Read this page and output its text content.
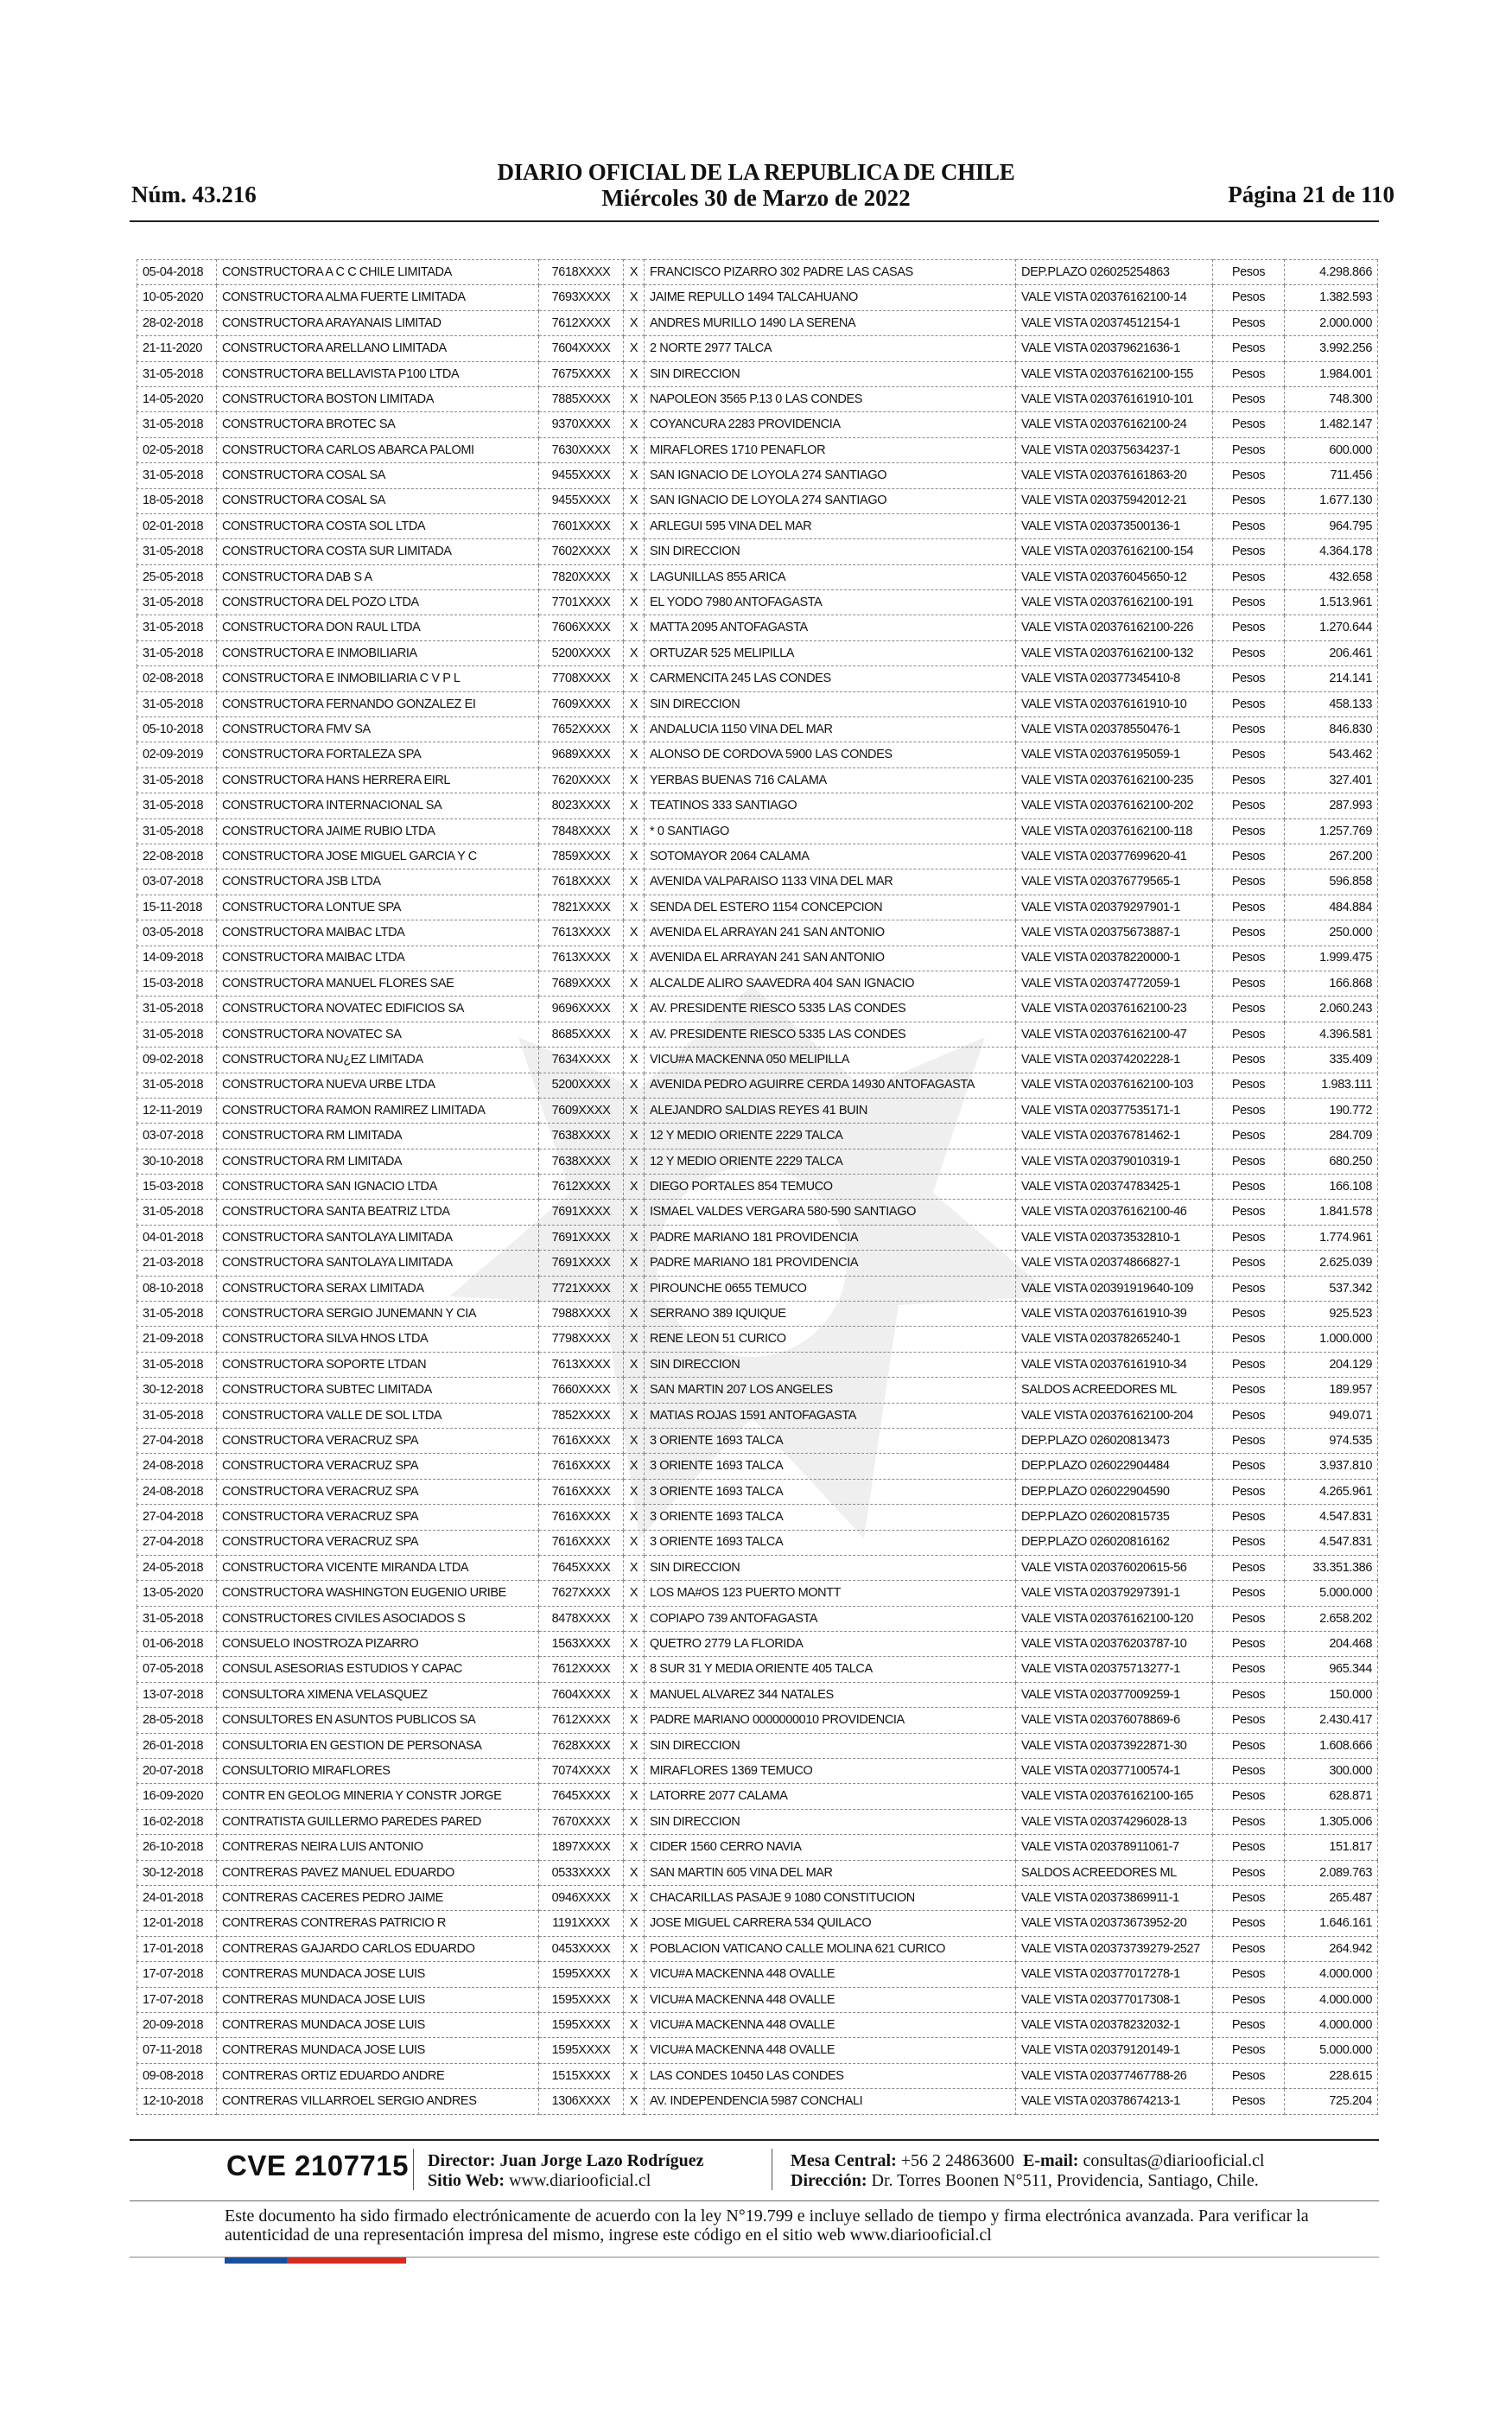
Núm. 43.216
DIARIO OFICIAL DE LA REPUBLICA DE CHILE
Miércoles 30 de Marzo de 2022	Página 21 de 110
05-04-2018	CONSTRUCTORA A C C CHILE LIMITADA	7618XXXX	X	FRANCISCO PIZARRO 302 PADRE LAS CASAS	DEP.PLAZO 026025254863	Pesos	4.298.866
10-05-2020	CONSTRUCTORA ALMA FUERTE LIMITADA	7693XXXX	X	JAIME REPULLO 1494 TALCAHUANO	VALE VISTA 020376162100-14	Pesos	1.382.593
28-02-2018	CONSTRUCTORA ARAYANAIS LIMITAD	7612XXXX	X	ANDRES MURILLO 1490 LA SERENA	VALE VISTA 020374512154-1	Pesos	2.000.000
21-11-2020	CONSTRUCTORA ARELLANO LIMITADA	7604XXXX	X	2 NORTE 2977 TALCA	VALE VISTA 020379621636-1	Pesos	3.992.256
31-05-2018	CONSTRUCTORA BELLAVISTA P100 LTDA	7675XXXX	X	SIN DIRECCION	VALE VISTA 020376162100-155	Pesos	1.984.001
14-05-2020	CONSTRUCTORA BOSTON LIMITADA	7885XXXX	X	NAPOLEON 3565 P.13 0 LAS CONDES	VALE VISTA 020376161910-101	Pesos	748.300
31-05-2018	CONSTRUCTORA BROTEC SA	9370XXXX	X	COYANCURA 2283 PROVIDENCIA	VALE VISTA 020376162100-24	Pesos	1.482.147
02-05-2018	CONSTRUCTORA CARLOS ABARCA PALOMI	7630XXXX	X	MIRAFLORES 1710 PENAFLOR	VALE VISTA 020375634237-1	Pesos	600.000
31-05-2018	CONSTRUCTORA COSAL SA	9455XXXX	X	SAN IGNACIO DE LOYOLA 274 SANTIAGO	VALE VISTA 020376161863-20	Pesos	711.456
18-05-2018	CONSTRUCTORA COSAL SA	9455XXXX	X	SAN IGNACIO DE LOYOLA 274 SANTIAGO	VALE VISTA 020375942012-21	Pesos	1.677.130
02-01-2018	CONSTRUCTORA COSTA SOL LTDA	7601XXXX	X	ARLEGUI 595 VINA DEL MAR	VALE VISTA 020373500136-1	Pesos	964.795
31-05-2018	CONSTRUCTORA COSTA SUR LIMITADA	7602XXXX	X	SIN DIRECCION	VALE VISTA 020376162100-154	Pesos	4.364.178
25-05-2018	CONSTRUCTORA DAB S A	7820XXXX	X	LAGUNILLAS 855 ARICA	VALE VISTA 020376045650-12	Pesos	432.658
31-05-2018	CONSTRUCTORA DEL POZO LTDA	7701XXXX	X	EL YODO 7980 ANTOFAGASTA	VALE VISTA 020376162100-191	Pesos	1.513.961
31-05-2018	CONSTRUCTORA DON RAUL LTDA	7606XXXX	X	MATTA 2095 ANTOFAGASTA	VALE VISTA 020376162100-226	Pesos	1.270.644
31-05-2018	CONSTRUCTORA E INMOBILIARIA	5200XXXX	X	ORTUZAR 525 MELIPILLA	VALE VISTA 020376162100-132	Pesos	206.461
02-08-2018	CONSTRUCTORA E INMOBILIARIA C V P L	7708XXXX	X	CARMENCITA 245 LAS CONDES	VALE VISTA 020377345410-8	Pesos	214.141
31-05-2018	CONSTRUCTORA FERNANDO GONZALEZ EI	7609XXXX	X	SIN DIRECCION	VALE VISTA 020376161910-10	Pesos	458.133
05-10-2018	CONSTRUCTORA FMV SA	7652XXXX	X	ANDALUCIA 1150 VINA DEL MAR	VALE VISTA 020378550476-1	Pesos	846.830
02-09-2019	CONSTRUCTORA FORTALEZA SPA	9689XXXX	X	ALONSO DE CORDOVA 5900 LAS CONDES	VALE VISTA 020376195059-1	Pesos	543.462
31-05-2018	CONSTRUCTORA HANS HERRERA EIRL	7620XXXX	X	YERBAS BUENAS 716 CALAMA	VALE VISTA 020376162100-235	Pesos	327.401
31-05-2018	CONSTRUCTORA INTERNACIONAL SA	8023XXXX	X	TEATINOS 333 SANTIAGO	VALE VISTA 020376162100-202	Pesos	287.993
31-05-2018	CONSTRUCTORA JAIME RUBIO LTDA	7848XXXX	X	* 0 SANTIAGO	VALE VISTA 020376162100-118	Pesos	1.257.769
22-08-2018	CONSTRUCTORA JOSE MIGUEL GARCIA Y C	7859XXXX	X	SOTOMAYOR 2064 CALAMA	VALE VISTA 020377699620-41	Pesos	267.200
03-07-2018	CONSTRUCTORA JSB LTDA	7618XXXX	X	AVENIDA VALPARAISO 1133 VINA DEL MAR	VALE VISTA 020376779565-1	Pesos	596.858
15-11-2018	CONSTRUCTORA LONTUE SPA	7821XXXX	X	SENDA DEL ESTERO 1154 CONCEPCION	VALE VISTA 020379297901-1	Pesos	484.884
03-05-2018	CONSTRUCTORA MAIBAC LTDA	7613XXXX	X	AVENIDA EL ARRAYAN 241 SAN ANTONIO	VALE VISTA 020375673887-1	Pesos	250.000
14-09-2018	CONSTRUCTORA MAIBAC LTDA	7613XXXX	X	AVENIDA EL ARRAYAN 241 SAN ANTONIO	VALE VISTA 020378220000-1	Pesos	1.999.475
15-03-2018	CONSTRUCTORA MANUEL FLORES SAE	7689XXXX	X	ALCALDE ALIRO SAAVEDRA 404 SAN IGNACIO	VALE VISTA 020374772059-1	Pesos	166.868
31-05-2018	CONSTRUCTORA NOVATEC EDIFICIOS SA	9696XXXX	X	AV. PRESIDENTE RIESCO 5335 LAS CONDES	VALE VISTA 020376162100-23	Pesos	2.060.243
31-05-2018	CONSTRUCTORA NOVATEC SA	8685XXXX	X	AV. PRESIDENTE RIESCO 5335 LAS CONDES	VALE VISTA 020376162100-47	Pesos	4.396.581
09-02-2018	CONSTRUCTORA NU¿EZ LIMITADA	7634XXXX	X	VICU#A MACKENNA 050 MELIPILLA	VALE VISTA 020374202228-1	Pesos	335.409
31-05-2018	CONSTRUCTORA NUEVA URBE LTDA	5200XXXX	X	AVENIDA PEDRO AGUIRRE CERDA 14930 ANTOFAGASTA	VALE VISTA 020376162100-103	Pesos	1.983.111
12-11-2019	CONSTRUCTORA RAMON RAMIREZ LIMITADA	7609XXXX	X	ALEJANDRO SALDIAS REYES 41 BUIN	VALE VISTA 020377535171-1	Pesos	190.772
03-07-2018	CONSTRUCTORA RM LIMITADA	7638XXXX	X	12 Y MEDIO ORIENTE 2229 TALCA	VALE VISTA 020376781462-1	Pesos	284.709
30-10-2018	CONSTRUCTORA RM LIMITADA	7638XXXX	X	12 Y MEDIO ORIENTE 2229 TALCA	VALE VISTA 020379010319-1	Pesos	680.250
15-03-2018	CONSTRUCTORA SAN IGNACIO LTDA	7612XXXX	X	DIEGO PORTALES 854 TEMUCO	VALE VISTA 020374783425-1	Pesos	166.108
31-05-2018	CONSTRUCTORA SANTA BEATRIZ LTDA	7691XXXX	X	ISMAEL VALDES VERGARA 580-590 SANTIAGO	VALE VISTA 020376162100-46	Pesos	1.841.578
04-01-2018	CONSTRUCTORA SANTOLAYA LIMITADA	7691XXXX	X	PADRE MARIANO 181 PROVIDENCIA	VALE VISTA 020373532810-1	Pesos	1.774.961
21-03-2018	CONSTRUCTORA SANTOLAYA LIMITADA	7691XXXX	X	PADRE MARIANO 181 PROVIDENCIA	VALE VISTA 020374866827-1	Pesos	2.625.039
08-10-2018	CONSTRUCTORA SERAX LIMITADA	7721XXXX	X	PIROUNCHE 0655 TEMUCO	VALE VISTA 020391919640-109	Pesos	537.342
31-05-2018	CONSTRUCTORA SERGIO JUNEMANN Y CIA	7988XXXX	X	SERRANO 389 IQUIQUE	VALE VISTA 020376161910-39	Pesos	925.523
21-09-2018	CONSTRUCTORA SILVA HNOS LTDA	7798XXXX	X	RENE LEON 51 CURICO	VALE VISTA 020378265240-1	Pesos	1.000.000
31-05-2018	CONSTRUCTORA SOPORTE LTDAN	7613XXXX	X	SIN DIRECCION	VALE VISTA 020376161910-34	Pesos	204.129
30-12-2018	CONSTRUCTORA SUBTEC LIMITADA	7660XXXX	X	SAN MARTIN 207 LOS ANGELES	SALDOS ACREEDORES ML	Pesos	189.957
31-05-2018	CONSTRUCTORA VALLE DE SOL LTDA	7852XXXX	X	MATIAS ROJAS 1591 ANTOFAGASTA	VALE VISTA 020376162100-204	Pesos	949.071
27-04-2018	CONSTRUCTORA VERACRUZ SPA	7616XXXX	X	3 ORIENTE 1693 TALCA	DEP.PLAZO 026020813473	Pesos	974.535
24-08-2018	CONSTRUCTORA VERACRUZ SPA	7616XXXX	X	3 ORIENTE 1693 TALCA	DEP.PLAZO 026022904484	Pesos	3.937.810
24-08-2018	CONSTRUCTORA VERACRUZ SPA	7616XXXX	X	3 ORIENTE 1693 TALCA	DEP.PLAZO 026022904590	Pesos	4.265.961
27-04-2018	CONSTRUCTORA VERACRUZ SPA	7616XXXX	X	3 ORIENTE 1693 TALCA	DEP.PLAZO 026020815735	Pesos	4.547.831
27-04-2018	CONSTRUCTORA VERACRUZ SPA	7616XXXX	X	3 ORIENTE 1693 TALCA	DEP.PLAZO 026020816162	Pesos	4.547.831
24-05-2018	CONSTRUCTORA VICENTE MIRANDA LTDA	7645XXXX	X	SIN DIRECCION	VALE VISTA 020376020615-56	Pesos	33.351.386
13-05-2020	CONSTRUCTORA WASHINGTON EUGENIO URIBE	7627XXXX	X	LOS MA#OS 123 PUERTO MONTT	VALE VISTA 020379297391-1	Pesos	5.000.000
31-05-2018	CONSTRUCTORES CIVILES ASOCIADOS S	8478XXXX	X	COPIAPO 739 ANTOFAGASTA	VALE VISTA 020376162100-120	Pesos	2.658.202
01-06-2018	CONSUELO INOSTROZA PIZARRO	1563XXXX	X	QUETRO 2779 LA FLORIDA	VALE VISTA 020376203787-10	Pesos	204.468
07-05-2018	CONSUL ASESORIAS ESTUDIOS Y CAPAC	7612XXXX	X	8 SUR 31 Y MEDIA ORIENTE 405 TALCA	VALE VISTA 020375713277-1	Pesos	965.344
13-07-2018	CONSULTORA XIMENA VELASQUEZ	7604XXXX	X	MANUEL ALVAREZ 344 NATALES	VALE VISTA 020377009259-1	Pesos	150.000
28-05-2018	CONSULTORES EN ASUNTOS PUBLICOS SA	7612XXXX	X	PADRE MARIANO 0000000010 PROVIDENCIA	VALE VISTA 020376078869-6	Pesos	2.430.417
26-01-2018	CONSULTORIA EN GESTION DE PERSONASA	7628XXXX	X	SIN DIRECCION	VALE VISTA 020373922871-30	Pesos	1.608.666
20-07-2018	CONSULTORIO MIRAFLORES	7074XXXX	X	MIRAFLORES 1369 TEMUCO	VALE VISTA 020377100574-1	Pesos	300.000
16-09-2020	CONTR EN GEOLOG MINERIA Y CONSTR JORGE	7645XXXX	X	LATORRE 2077 CALAMA	VALE VISTA 020376162100-165	Pesos	628.871
16-02-2018	CONTRATISTA GUILLERMO PAREDES PARED	7670XXXX	X	SIN DIRECCION	VALE VISTA 020374296028-13	Pesos	1.305.006
26-10-2018	CONTRERAS NEIRA LUIS ANTONIO	1897XXXX	X	CIDER 1560 CERRO NAVIA	VALE VISTA 020378911061-7	Pesos	151.817
30-12-2018	CONTRERAS PAVEZ MANUEL EDUARDO	0533XXXX	X	SAN MARTIN 605 VINA DEL MAR	SALDOS ACREEDORES ML	Pesos	2.089.763
24-01-2018	CONTRERAS CACERES PEDRO JAIME	0946XXXX	X	CHACARILLAS PASAJE 9 1080 CONSTITUCION	VALE VISTA 020373869911-1	Pesos	265.487
12-01-2018	CONTRERAS CONTRERAS PATRICIO R	1191XXXX	X	JOSE MIGUEL CARRERA 534 QUILACO	VALE VISTA 020373673952-20	Pesos	1.646.161
17-01-2018	CONTRERAS GAJARDO CARLOS EDUARDO	0453XXXX	X	POBLACION VATICANO CALLE MOLINA 621 CURICO	VALE VISTA 020373739279-2527	Pesos	264.942
17-07-2018	CONTRERAS MUNDACA JOSE LUIS	1595XXXX	X	VICU#A MACKENNA 448 OVALLE	VALE VISTA 020377017278-1	Pesos	4.000.000
17-07-2018	CONTRERAS MUNDACA JOSE LUIS	1595XXXX	X	VICU#A MACKENNA 448 OVALLE	VALE VISTA 020377017308-1	Pesos	4.000.000
20-09-2018	CONTRERAS MUNDACA JOSE LUIS	1595XXXX	X	VICU#A MACKENNA 448 OVALLE	VALE VISTA 020378232032-1	Pesos	4.000.000
07-11-2018	CONTRERAS MUNDACA JOSE LUIS	1595XXXX	X	VICU#A MACKENNA 448 OVALLE	VALE VISTA 020379120149-1	Pesos	5.000.000
09-08-2018	CONTRERAS ORTIZ EDUARDO ANDRE	1515XXXX	X	LAS CONDES 10450 LAS CONDES	VALE VISTA 020377467788-26	Pesos	228.615
12-10-2018	CONTRERAS VILLARROEL SERGIO ANDRES	1306XXXX	X	AV. INDEPENDENCIA 5987 CONCHALI	VALE VISTA 020378674213-1	Pesos	725.204
CVE 2107715 Director: Juan Jorge Lazo Rodríguez
Sitio Web: www.diariooficial.cl
Mesa Central: +56 2 24863600 E-mail: consultas@diariooficial.cl
Dirección: Dr. Torres Boonen N°511, Providencia, Santiago, Chile.
Este documento ha sido firmado electrónicamente de acuerdo con la ley N°19.799 e incluye sellado de tiempo y firma electrónica avanzada. Para verificar la autenticidad de una representación impresa del mismo, ingrese este código en el sitio web www.diariooficial.cl
